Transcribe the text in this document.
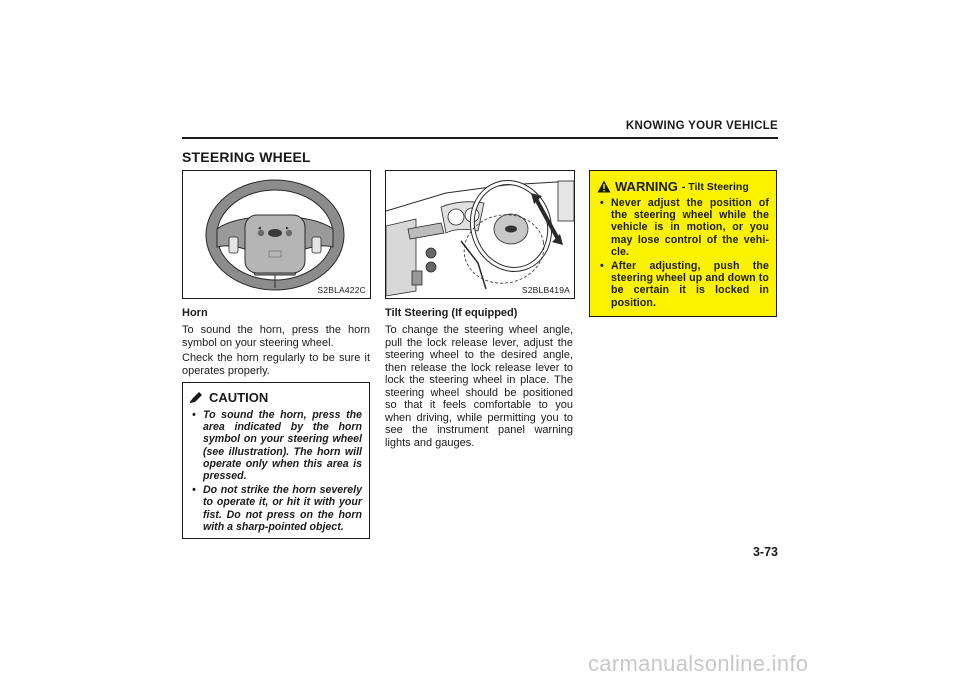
KNOWING YOUR VEHICLE
STEERING WHEEL
◀	▶
S2BLA422C	S2BLB419A
Horn

To sound the horn, press the horn symbol on your steering wheel.

Check the horn regularly to be sure it operates properly.

CAUTION
• To sound the horn, press the area indicated by the horn symbol on your steering wheel (see illustration). The horn will operate only when this area is pressed.
• Do not strike the horn severely to operate it, or hit it with your fist. Do not press on the horn with a sharp-pointed object.
Tilt Steering (If equipped)

To change the steering wheel angle, pull the lock release lever, adjust the steering wheel to the desired angle, then release the lock release lever to lock the steering wheel in place. The steering wheel should be positioned so that it feels comfortable to you when driving, while permitting you to see the instrument panel warning lights and gauges.

WARNING - Tilt Steering
• Never adjust the position of the steering wheel while the vehicle is in motion, or you may lose control of the vehi-cle.
• After adjusting, push the steering wheel up and down to be certain it is locked in position.
3-73
carmanualsonline.info
